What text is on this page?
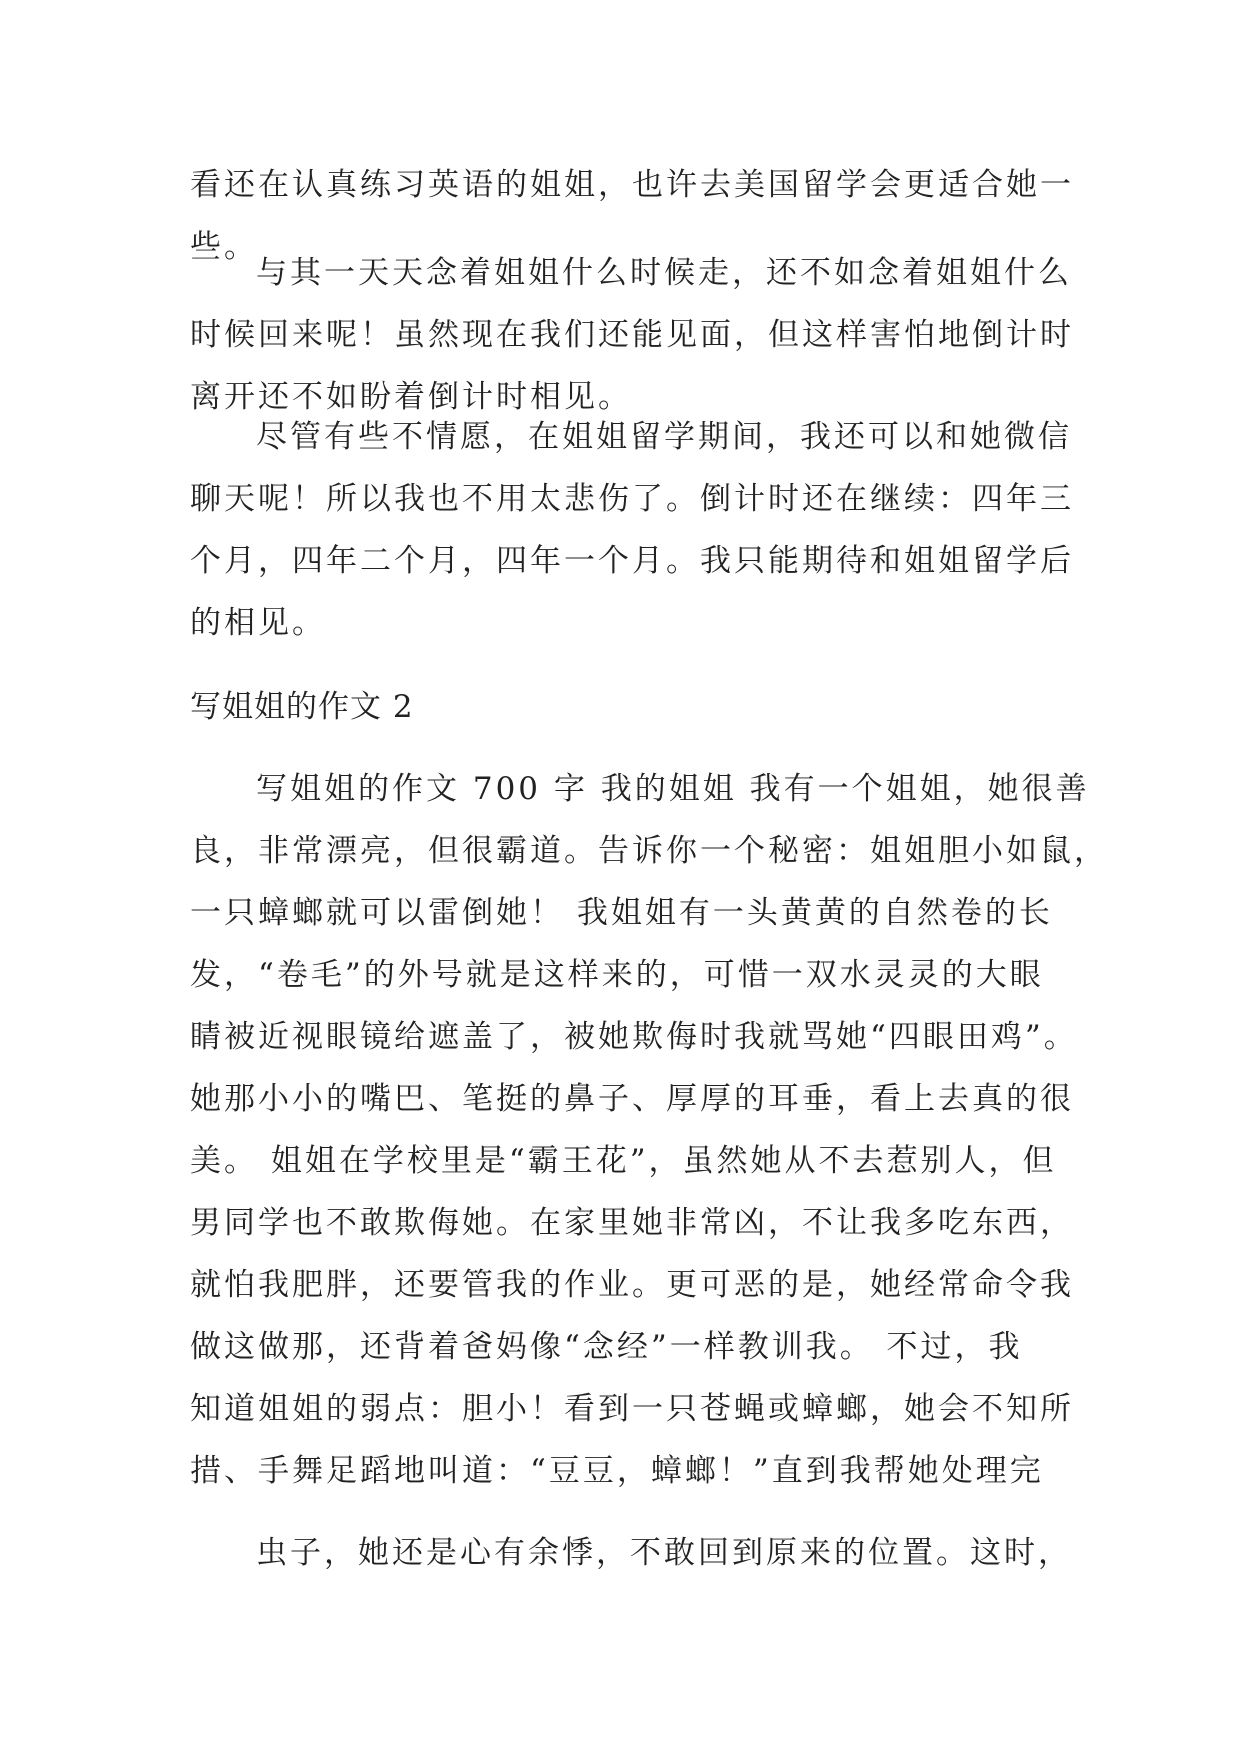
看还在认真练习英语的姐姐，也许去美国留学会更适合她一
些。
与其一天天念着姐姐什么时候走，还不如念着姐姐什么
时候回来呢！虽然现在我们还能见面，但这样害怕地倒计时
离开还不如盼着倒计时相见。
尽管有些不情愿，在姐姐留学期间，我还可以和她微信
聊天呢！所以我也不用太悲伤了。倒计时还在继续：四年三
个月，四年二个月，四年一个月。我只能期待和姐姐留学后
的相见。
写姐姐的作文 2
写姐姐的作文 700 字 我的姐姐 我有一个姐姐，她很善
良，非常漂亮，但很霸道。告诉你一个秘密：姐姐胆小如鼠，
一只蟑螂就可以雷倒她！ 我姐姐有一头黄黄的自然卷的长
发，“卷毛”的外号就是这样来的，可惜一双水灵灵的大眼
睛被近视眼镜给遮盖了，被她欺侮时我就骂她“四眼田鸡”。
她那小小的嘴巴、笔挺的鼻子、厚厚的耳垂，看上去真的很
美。 姐姐在学校里是“霸王花”，虽然她从不去惹别人，但
男同学也不敢欺侮她。在家里她非常凶，不让我多吃东西，
就怕我肥胖，还要管我的作业。更可恶的是，她经常命令我
做这做那，还背着爸妈像“念经”一样教训我。 不过，我
知道姐姐的弱点：胆小！看到一只苍蝇或蟑螂，她会不知所
措、手舞足蹈地叫道：“豆豆，蟑螂！”直到我帮她处理完
虫子，她还是心有余悸，不敢回到原来的位置。这时，
